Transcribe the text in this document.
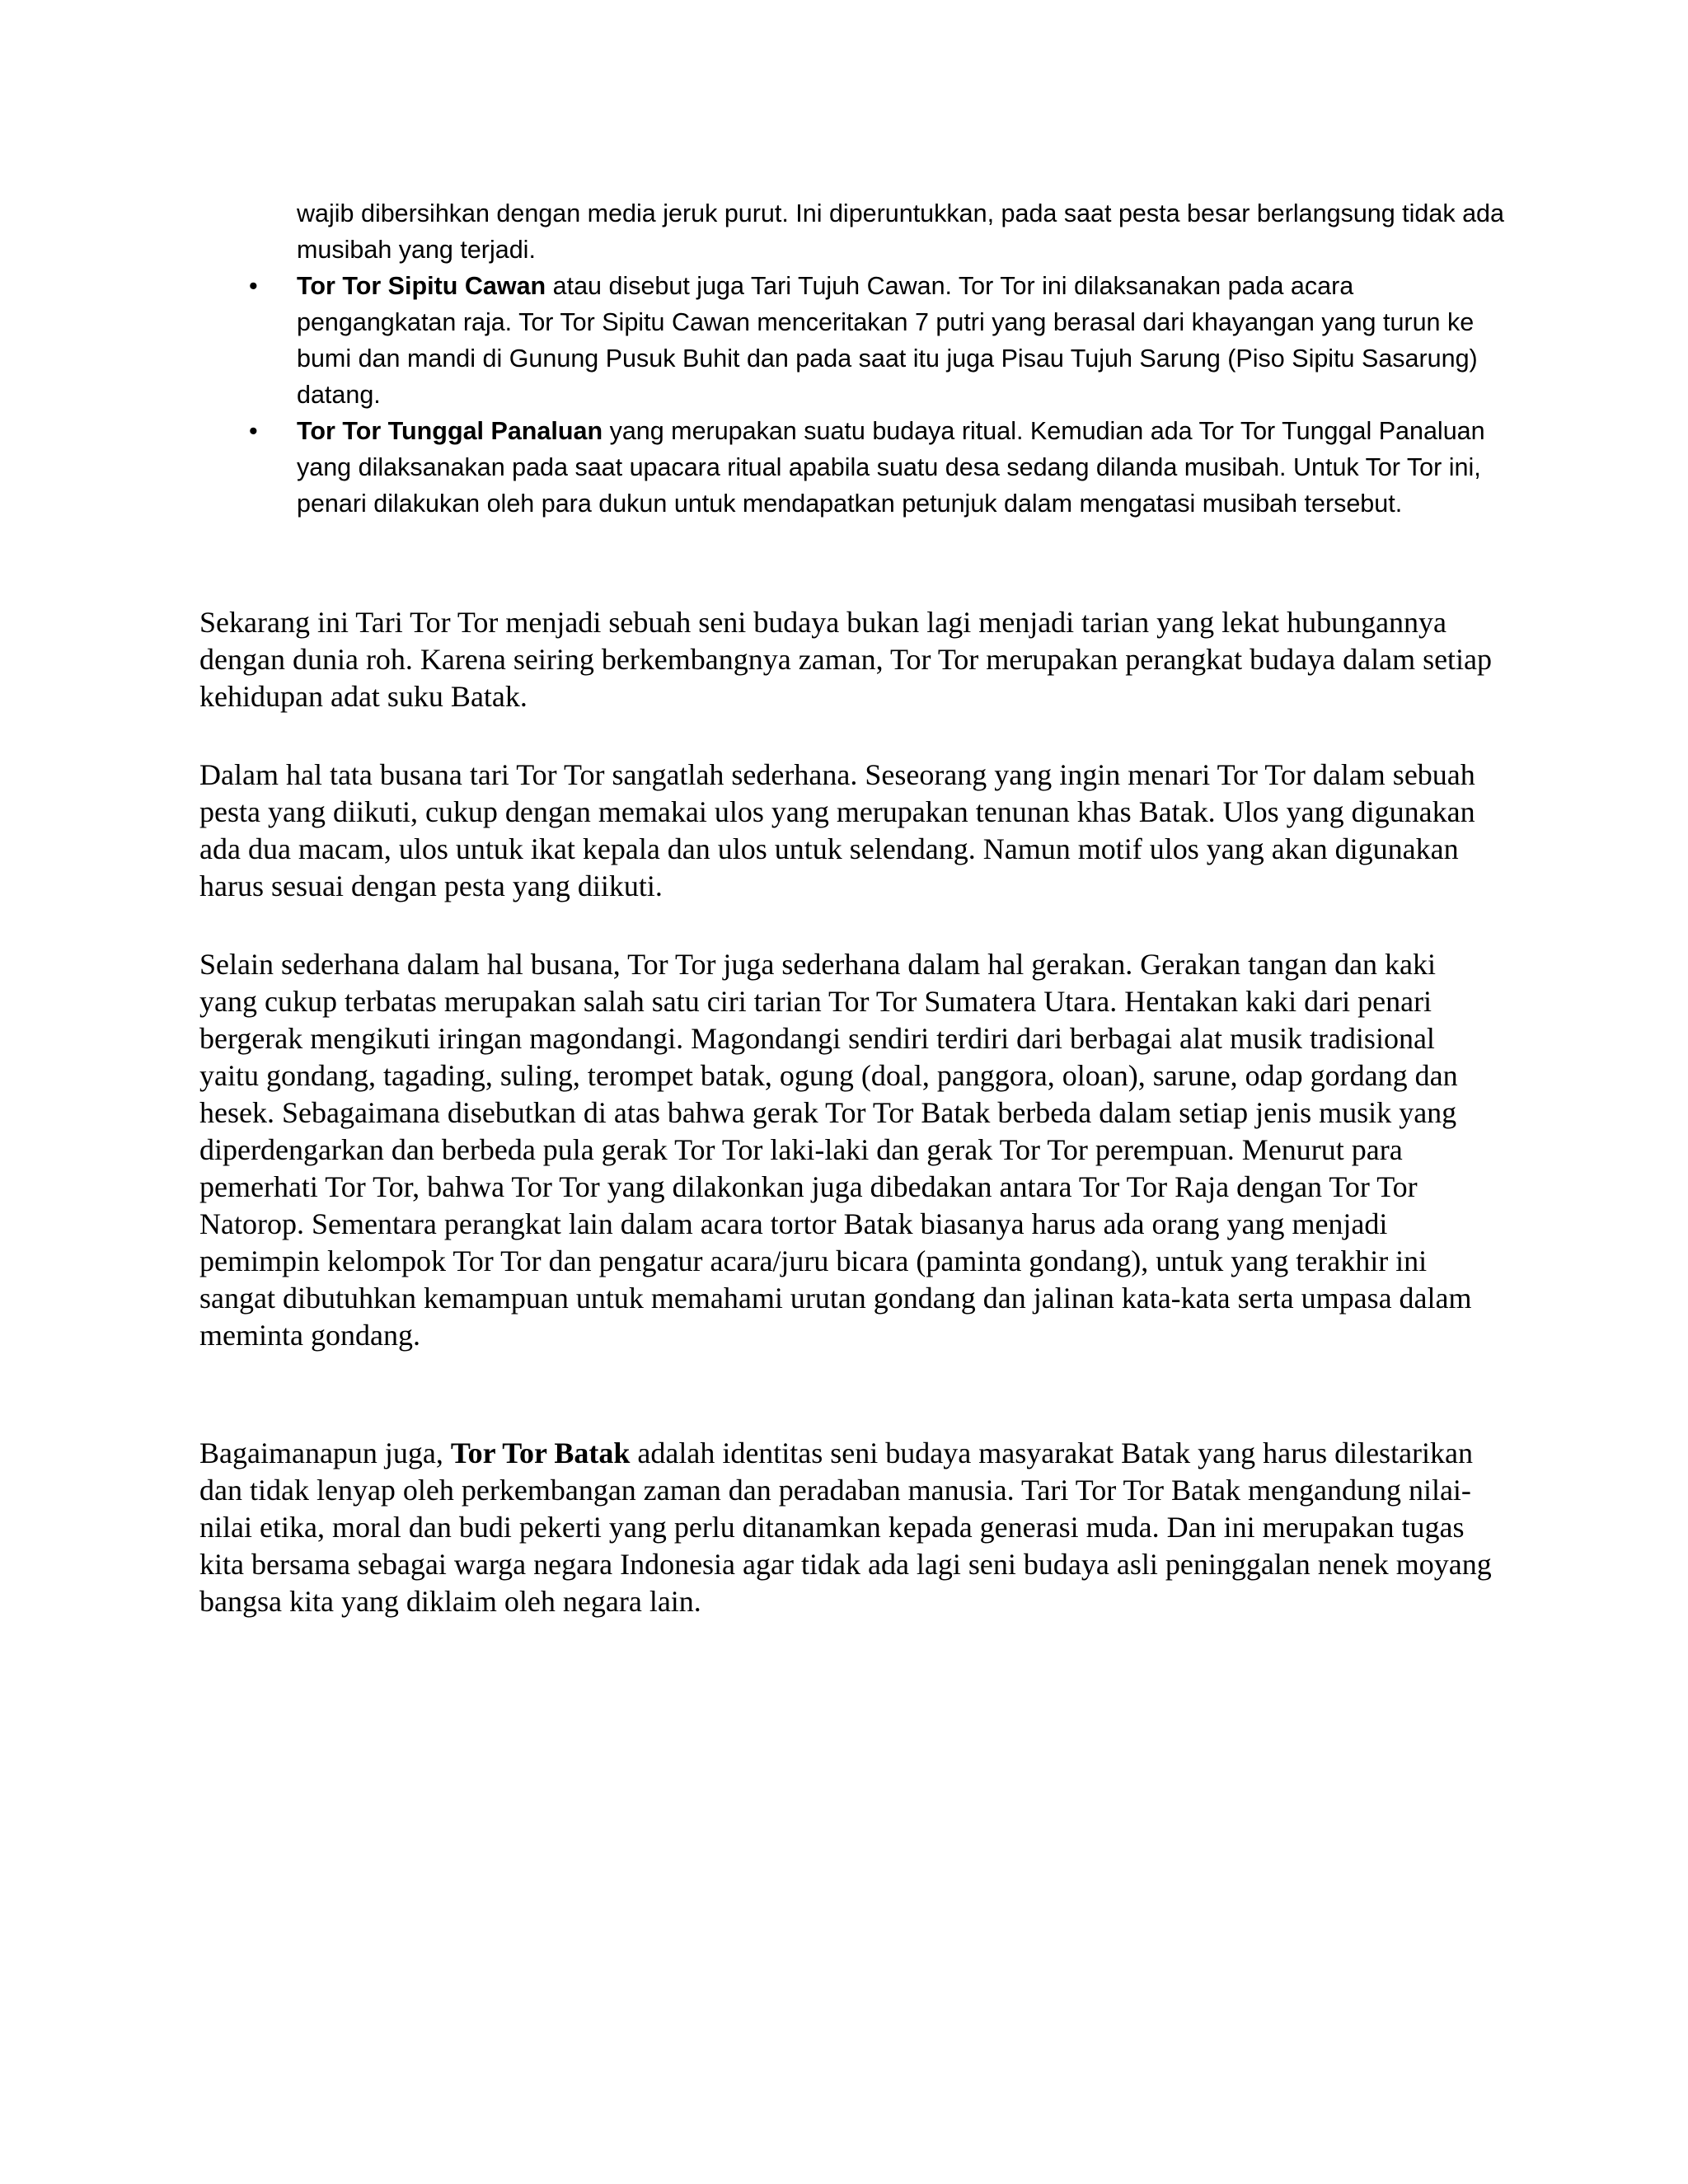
wajib dibersihkan dengan media jeruk purut. Ini diperuntukkan, pada saat pesta besar berlangsung tidak ada musibah yang terjadi.
• Tor Tor Sipitu Cawan atau disebut juga Tari Tujuh Cawan. Tor Tor ini dilaksanakan pada acara pengangkatan raja. Tor Tor Sipitu Cawan menceritakan 7 putri yang berasal dari khayangan yang turun ke bumi dan mandi di Gunung Pusuk Buhit dan pada saat itu juga Pisau Tujuh Sarung (Piso Sipitu Sasarung) datang.
• Tor Tor Tunggal Panaluan yang merupakan suatu budaya ritual. Kemudian ada Tor Tor Tunggal Panaluan yang dilaksanakan pada saat upacara ritual apabila suatu desa sedang dilanda musibah. Untuk Tor Tor ini, penari dilakukan oleh para dukun untuk mendapatkan petunjuk dalam mengatasi musibah tersebut.

Sekarang ini Tari Tor Tor menjadi sebuah seni budaya bukan lagi menjadi tarian yang lekat hubungannya dengan dunia roh. Karena seiring berkembangnya zaman, Tor Tor merupakan perangkat budaya dalam setiap kehidupan adat suku Batak.

Dalam hal tata busana tari Tor Tor sangatlah sederhana. Seseorang yang ingin menari Tor Tor dalam sebuah pesta yang diikuti, cukup dengan memakai ulos yang merupakan tenunan khas Batak. Ulos yang digunakan ada dua macam, ulos untuk ikat kepala dan ulos untuk selendang. Namun motif ulos yang akan digunakan harus sesuai dengan pesta yang diikuti.

Selain sederhana dalam hal busana, Tor Tor juga sederhana dalam hal gerakan. Gerakan tangan dan kaki yang cukup terbatas merupakan salah satu ciri tarian Tor Tor Sumatera Utara. Hentakan kaki dari penari bergerak mengikuti iringan magondangi. Magondangi sendiri terdiri dari berbagai alat musik tradisional yaitu gondang, tagading, suling, terompet batak, ogung (doal, panggora, oloan), sarune, odap gordang dan hesek. Sebagaimana disebutkan di atas bahwa gerak Tor Tor Batak berbeda dalam setiap jenis musik yang diperdengarkan dan berbeda pula gerak Tor Tor laki-laki dan gerak Tor Tor perempuan. Menurut para pemerhati Tor Tor, bahwa Tor Tor yang dilakonkan juga dibedakan antara Tor Tor Raja dengan Tor Tor Natorop. Sementara perangkat lain dalam acara tortor Batak biasanya harus ada orang yang menjadi pemimpin kelompok Tor Tor dan pengatur acara/juru bicara (paminta gondang), untuk yang terakhir ini sangat dibutuhkan kemampuan untuk memahami urutan gondang dan jalinan kata-kata serta umpasa dalam meminta gondang.

Bagaimanapun juga, Tor Tor Batak adalah identitas seni budaya masyarakat Batak yang harus dilestarikan dan tidak lenyap oleh perkembangan zaman dan peradaban manusia. Tari Tor Tor Batak mengandung nilai-nilai etika, moral dan budi pekerti yang perlu ditanamkan kepada generasi muda. Dan ini merupakan tugas kita bersama sebagai warga negara Indonesia agar tidak ada lagi seni budaya asli peninggalan nenek moyang bangsa kita yang diklaim oleh negara lain.
